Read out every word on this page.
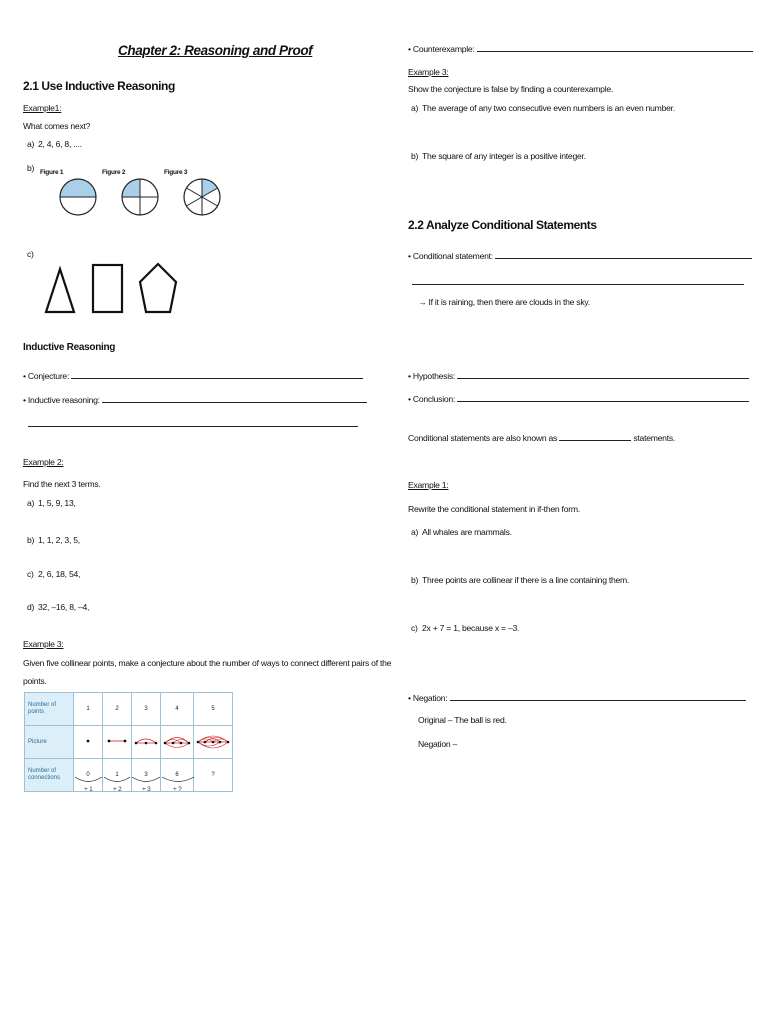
Chapter 2: Reasoning and Proof
2.1 Use Inductive Reasoning
Example1:
What comes next?
a) 2, 4, 6, 8, ....
b) Figure 1	Figure 2	Figure 3
c)
Inductive Reasoning
• Conjecture:
• Inductive reasoning:
Example 2:
Find the next 3 terms.
a) 1, 5, 9, 13,
b) 1, 1, 2, 3, 5,
c) 2, 6, 18, 54,
d) 32, –16, 8, –4,
Example 3:
Given five collinear points, make a conjecture about the number of ways to connect different pairs of the
points.
Number of points	1	2	3	4	5
Picture					
Number of connections	0	1	3	6	?
+ 1	+ 2	+ 3	+ ?
• Counterexample:
Example 3:
Show the conjecture is false by finding a counterexample.
a) The average of any two consecutive even numbers is an even number.
b) The square of any integer is a positive integer.
2.2 Analyze Conditional Statements
• Conditional statement:
→ If it is raining, then there are clouds in the sky.
• Hypothesis:
• Conclusion:
Conditional statements are also known as	statements.
Example 1:
Rewrite the conditional statement in if-then form.
a) All whales are mammals.
b) Three points are collinear if there is a line containing them.
c) 2x + 7 = 1, because x = –3.
• Negation:
Original – The ball is red.
Negation –
